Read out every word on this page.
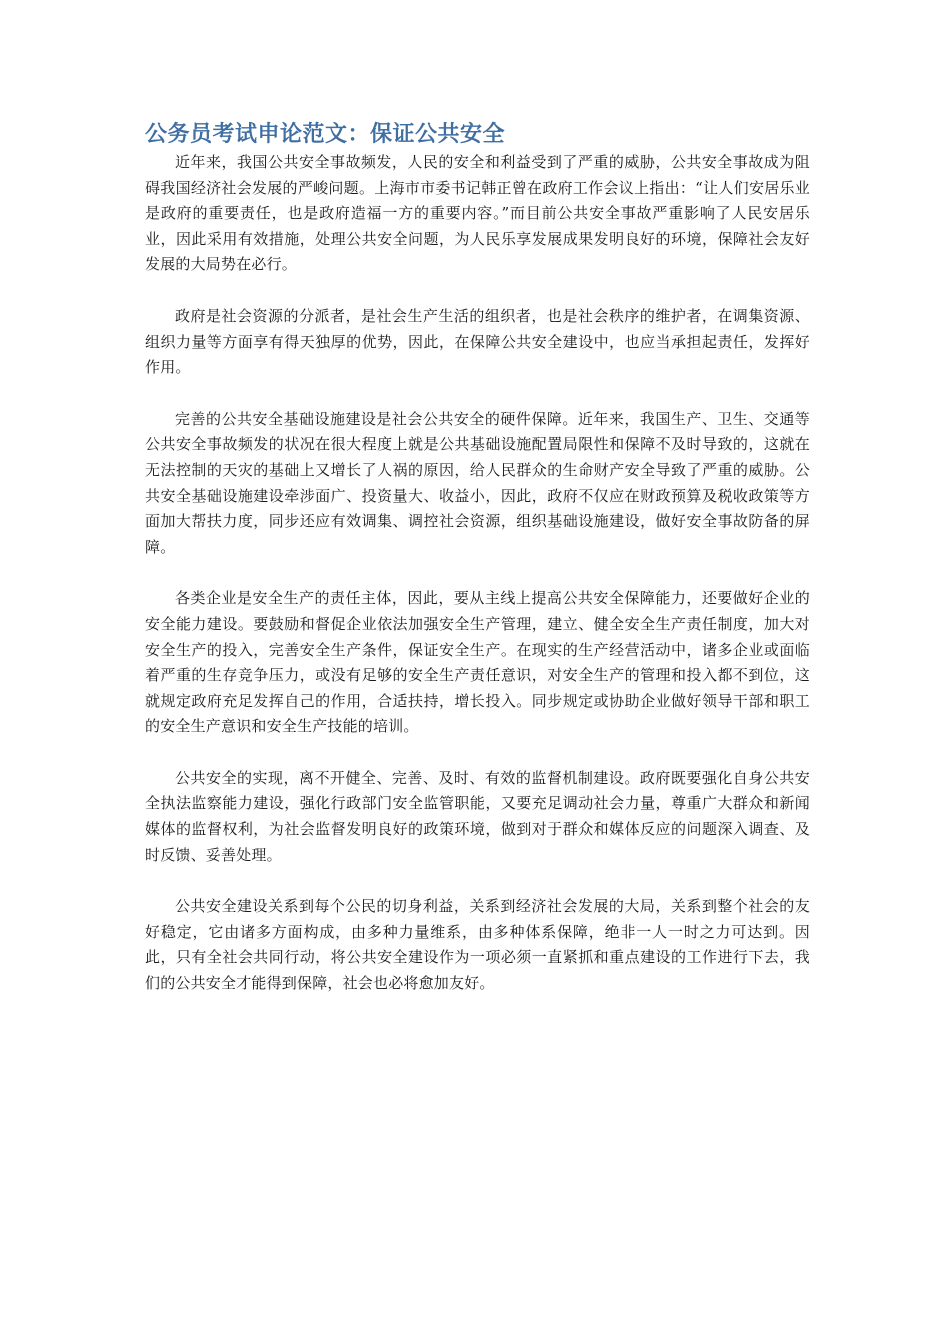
公务员考试申论范文：保证公共安全

近年来，我国公共安全事故频发，人民的安全和利益受到了严重的威胁，公共安全事故成为阻碍我国经济社会发展的严峻问题。上海市市委书记韩正曾在政府工作会议上指出：“让人们安居乐业是政府的重要责任，也是政府造福一方的重要内容。”而目前公共安全事故严重影响了人民安居乐业，因此采用有效措施，处理公共安全问题，为人民乐享发展成果发明良好的环境，保障社会友好发展的大局势在必行。

政府是社会资源的分派者，是社会生产生活的组织者，也是社会秩序的维护者，在调集资源、组织力量等方面享有得天独厚的优势，因此，在保障公共安全建设中，也应当承担起责任，发挥好作用。

完善的公共安全基础设施建设是社会公共安全的硬件保障。近年来，我国生产、卫生、交通等公共安全事故频发的状况在很大程度上就是公共基础设施配置局限性和保障不及时导致的，这就在无法控制的天灾的基础上又增长了人祸的原因，给人民群众的生命财产安全导致了严重的威胁。公共安全基础设施建设牵涉面广、投资量大、收益小，因此，政府不仅应在财政预算及税收政策等方面加大帮扶力度，同步还应有效调集、调控社会资源，组织基础设施建设，做好安全事故防备的屏障。

各类企业是安全生产的责任主体，因此，要从主线上提高公共安全保障能力，还要做好企业的安全能力建设。要鼓励和督促企业依法加强安全生产管理，建立、健全安全生产责任制度，加大对安全生产的投入，完善安全生产条件，保证安全生产。在现实的生产经营活动中，诸多企业或面临着严重的生存竞争压力，或没有足够的安全生产责任意识，对安全生产的管理和投入都不到位，这就规定政府充足发挥自己的作用，合适扶持，增长投入。同步规定或协助企业做好领导干部和职工的安全生产意识和安全生产技能的培训。

公共安全的实现，离不开健全、完善、及时、有效的监督机制建设。政府既要强化自身公共安全执法监察能力建设，强化行政部门安全监管职能，又要充足调动社会力量，尊重广大群众和新闻媒体的监督权利，为社会监督发明良好的政策环境，做到对于群众和媒体反应的问题深入调查、及时反馈、妥善处理。

公共安全建设关系到每个公民的切身利益，关系到经济社会发展的大局，关系到整个社会的友好稳定，它由诸多方面构成，由多种力量维系，由多种体系保障，绝非一人一时之力可达到。因此，只有全社会共同行动，将公共安全建设作为一项必须一直紧抓和重点建设的工作进行下去，我们的公共安全才能得到保障，社会也必将愈加友好。
